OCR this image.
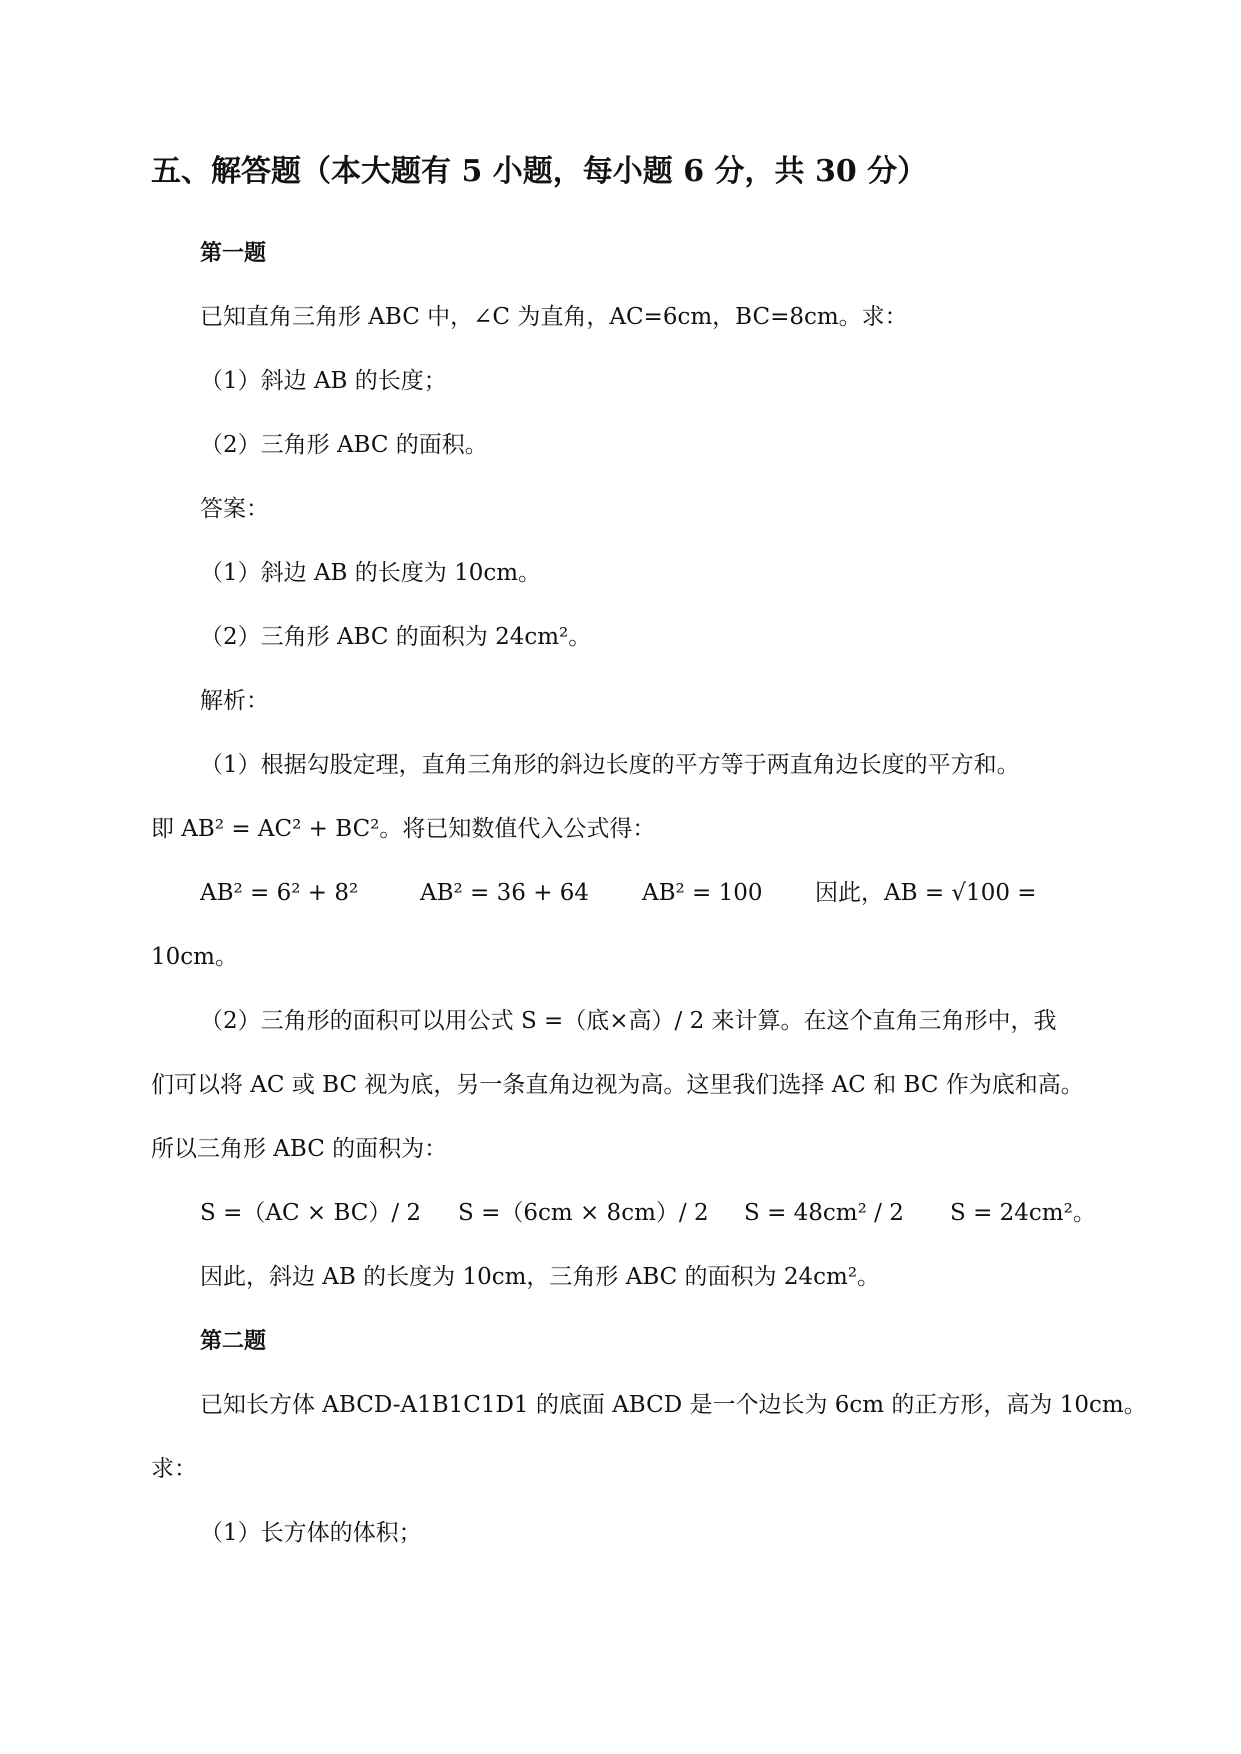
五、解答题（本大题有 5 小题，每小题 6 分，共 30 分）
第一题
已知直角三角形 ABC 中，∠C 为直角，AC=6cm，BC=8cm。求：
（1）斜边 AB 的长度；
（2）三角形 ABC 的面积。
答案：
（1）斜边 AB 的长度为 10cm。
（2）三角形 ABC 的面积为 24cm²。
解析：
（1）根据勾股定理，直角三角形的斜边长度的平方等于两直角边长度的平方和。
即 AB² = AC² + BC²。将已知数值代入公式得：
AB² = 6² + 8²	AB² = 36 + 64 AB² = 100 因此，AB = √100 =
10cm。
（2）三角形的面积可以用公式 S =（底×高）/ 2 来计算。在这个直角三角形中，我
们可以将 AC 或 BC 视为底，另一条直角边视为高。这里我们选择 AC 和 BC 作为底和高。
所以三角形 ABC 的面积为：
S =（AC × BC）/ 2 S =（6cm × 8cm）/ 2 S = 48cm² / 2 S = 24cm²。
因此，斜边 AB 的长度为 10cm，三角形 ABC 的面积为 24cm²。
第二题
已知长方体 ABCD-A1B1C1D1 的底面 ABCD 是一个边长为 6cm 的正方形，高为 10cm。
求：
（1）长方体的体积；
